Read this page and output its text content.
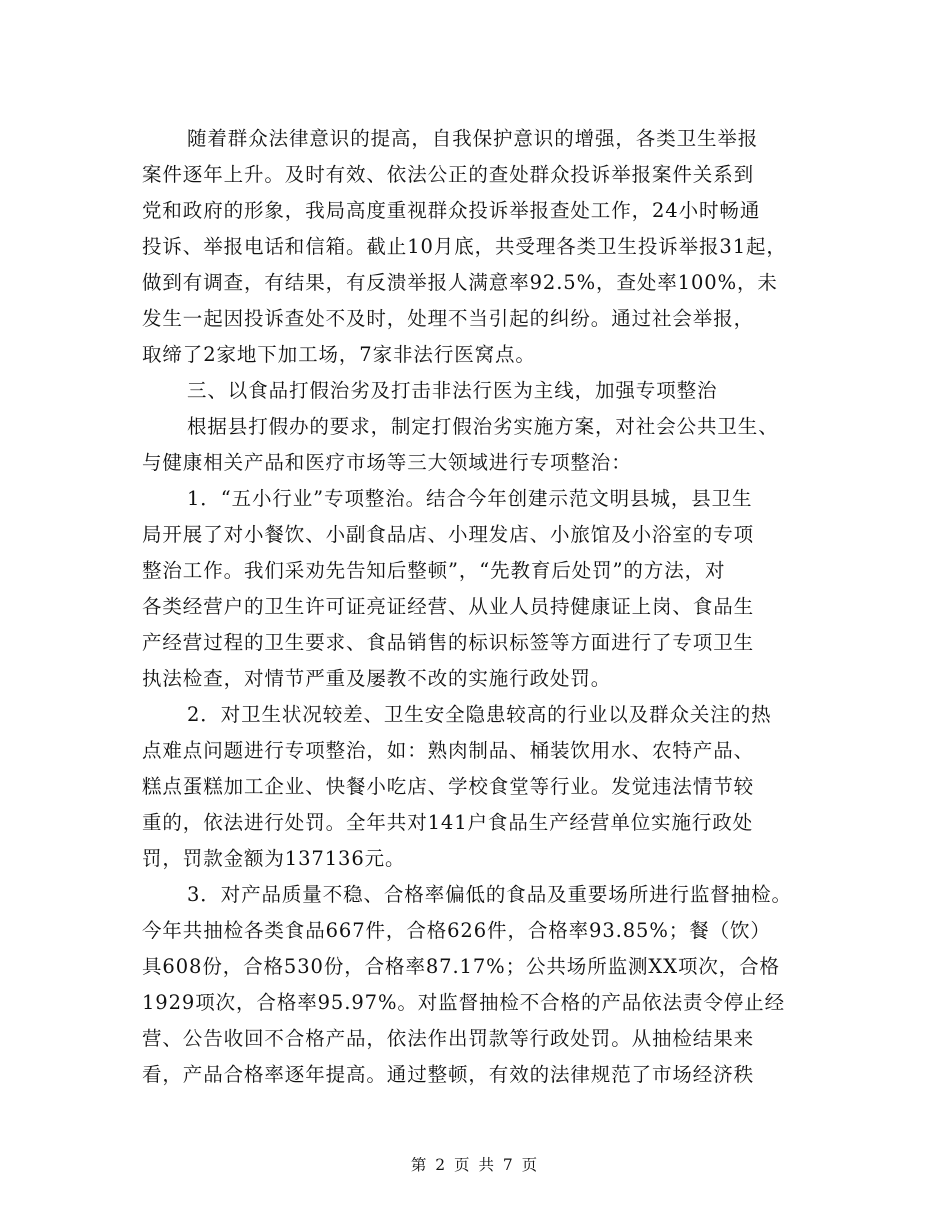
随着群众法律意识的提高，自我保护意识的增强，各类卫生举报
案件逐年上升。及时有效、依法公正的查处群众投诉举报案件关系到
党和政府的形象，我局高度重视群众投诉举报查处工作，24小时畅通
投诉、举报电话和信箱。截止10月底，共受理各类卫生投诉举报31起，
做到有调查，有结果，有反溃举报人满意率92.5%，查处率100%，未
发生一起因投诉查处不及时，处理不当引起的纠纷。通过社会举报，
取缔了2家地下加工场，7家非法行医窝点。
三、以食品打假治劣及打击非法行医为主线，加强专项整治
根据县打假办的要求，制定打假治劣实施方案，对社会公共卫生、
与健康相关产品和医疗市场等三大领域进行专项整治：
1．“五小行业”专项整治。结合今年创建示范文明县城，县卫生
局开展了对小餐饮、小副食品店、小理发店、小旅馆及小浴室的专项
整治工作。我们采劝先告知后整顿”，“先教育后处罚”的方法，对
各类经营户的卫生许可证亮证经营、从业人员持健康证上岗、食品生
产经营过程的卫生要求、食品销售的标识标签等方面进行了专项卫生
执法检查，对情节严重及屡教不改的实施行政处罚。
2．对卫生状况较差、卫生安全隐患较高的行业以及群众关注的热
点难点问题进行专项整治，如：熟肉制品、桶装饮用水、农特产品、
糕点蛋糕加工企业、快餐小吃店、学校食堂等行业。发觉违法情节较
重的，依法进行处罚。全年共对141户食品生产经营单位实施行政处
罚，罚款金额为137136元。
3．对产品质量不稳、合格率偏低的食品及重要场所进行监督抽检。
今年共抽检各类食品667件，合格626件，合格率93.85%；餐（饮）
具608份，合格530份，合格率87.17%；公共场所监测XX项次，合格
1929项次，合格率95.97%。对监督抽检不合格的产品依法责令停止经
营、公告收回不合格产品，依法作出罚款等行政处罚。从抽检结果来
看，产品合格率逐年提高。通过整顿，有效的法律规范了市场经济秩
第 2 页 共 7 页
